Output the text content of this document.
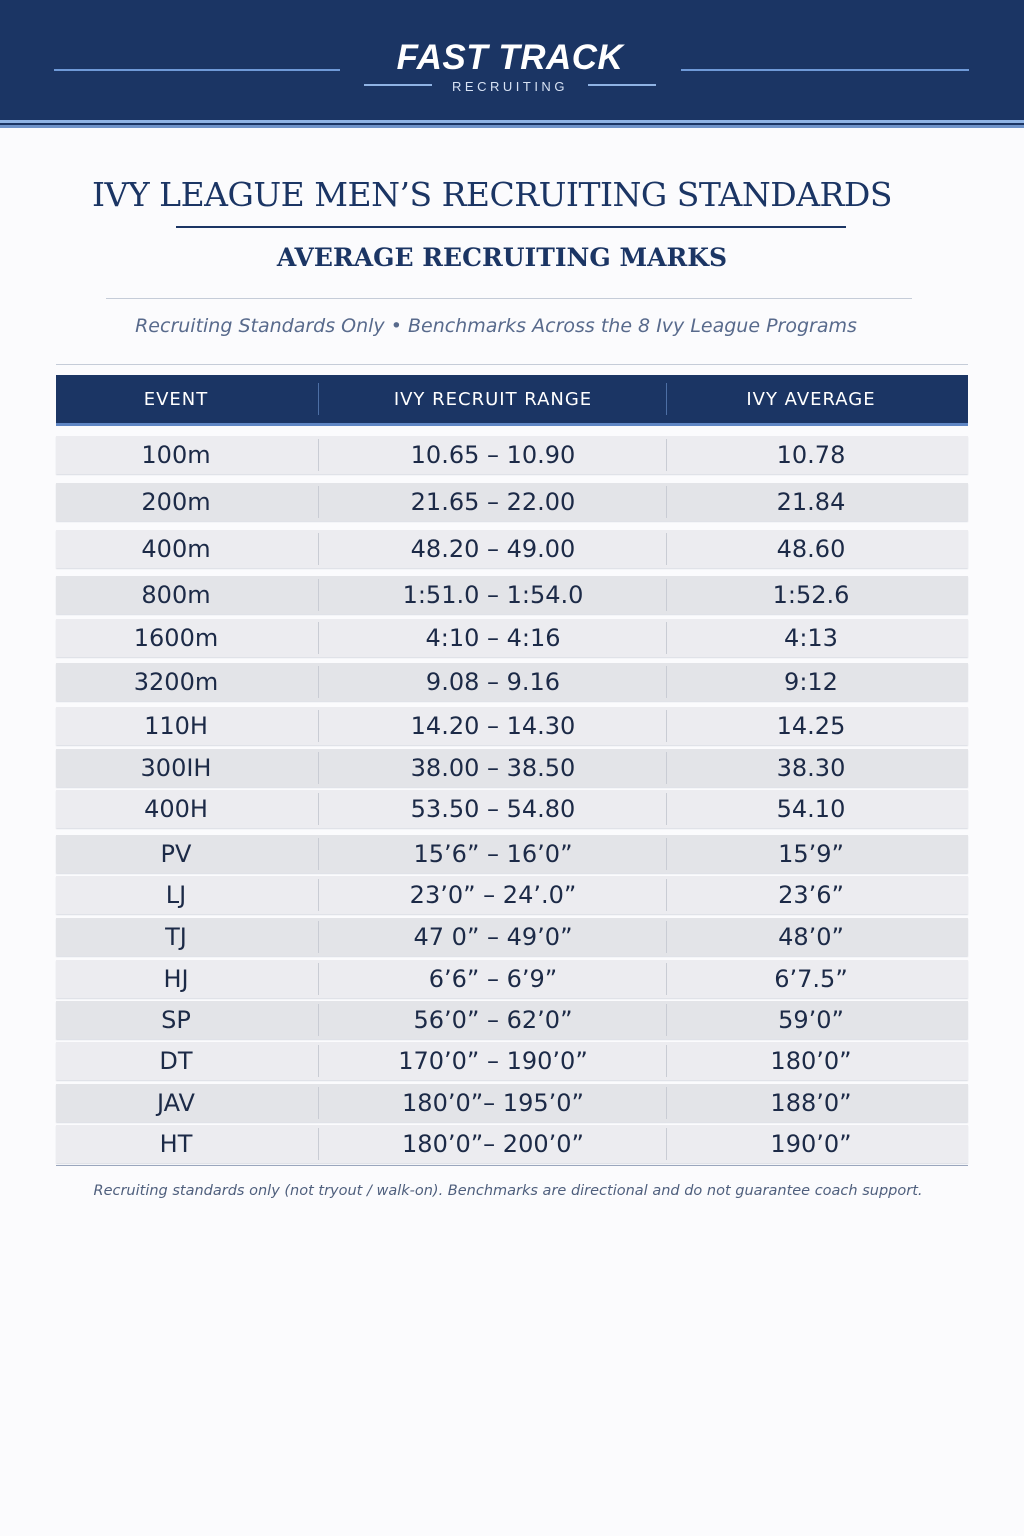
FAST TRACK
RECRUITING
IVY LEAGUE MEN’S RECRUITING STANDARDS
AVERAGE RECRUITING MARKS
Recruiting Standards Only • Benchmarks Across the 8 Ivy League Programs
EVENT	IVY RECRUIT RANGE	IVY AVERAGE
100m	10.65 – 10.90	10.78
200m	21.65 – 22.00	21.84
400m	48.20 – 49.00	48.60
800m	1:51.0 – 1:54.0	1:52.6
1600m	4:10 – 4:16	4:13
3200m	9.08 – 9.16	9:12
110H	14.20 – 14.30	14.25
300IH	38.00 – 38.50	38.30
400H	53.50 – 54.80	54.10
PV	15’6” – 16’0”	15’9”
LJ	23’0” – 24’.0”	23’6”
TJ	47 0” – 49’0”	48’0”
HJ	6’6” – 6’9”	6’7.5”
SP	56’0” – 62’0”	59’0”
DT	170’0” – 190’0”	180’0”
JAV	180’0”– 195’0”	188’0”
HT	180’0”– 200’0”	190’0”
Recruiting standards only (not tryout / walk-on). Benchmarks are directional and do not guarantee coach support.
